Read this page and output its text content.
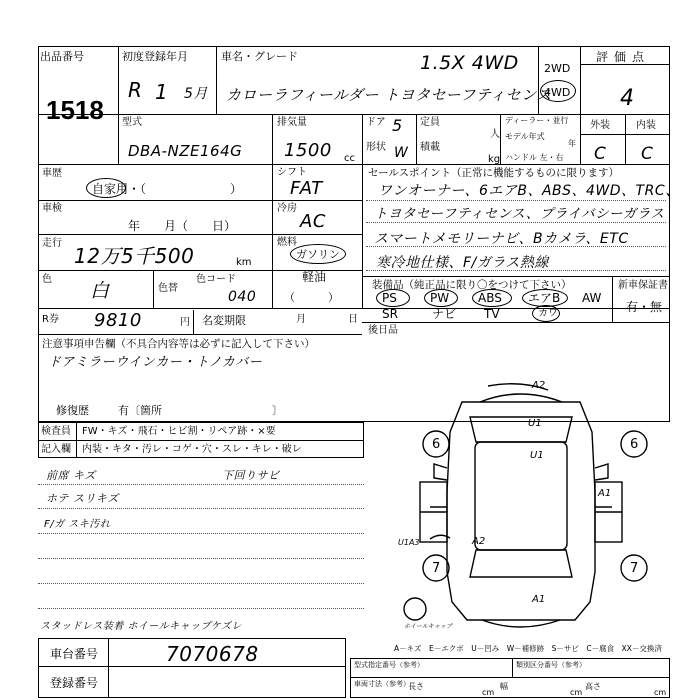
出品番号
1518
初度登録年月
R 1 5月
車名・グレード	1.5X 4WD
カローラフィールダー トヨタセーフティセンス
2WD
4WD
評価点
4
型式
DBA-NZE164G
排気量
1500 cc
ドア 5
形状 W
定員
人
積載
kg
ディーラー・並行
モデル年式
年
ハンドル 左・右
外装	内装
C C
車歴
自家用・（　　　　　　　）
車検
年　　月（　　日）
走行
12万5千500	km
色
白	色替
色コード
040
シフト
FAT
冷房
AC
燃料
ガソリン
軽油
（　　　）
R券 9810	円 名変期限	月	日
セールスポイント（正常に機能するものに限ります）
ワンオーナー、6エアB、ABS、4WD、TRC、
トヨタセーフティセンス、プライバシーガラス
スマートメモリーナビ、Bカメラ、ETC
寒冷地仕様、F/ガラス熱線
装備品（純正品に限り〇をつけて下さい）	新車保証書
有・無
PS	PW ABS エアB AW
SR	ナビ TV	カワ
後日品
注意事項申告欄（不具合内容等は必ずに記入して下さい）
ドアミラーウインカー・トノカバー
修復歴	有〔箇所　　　　　　　　　　〕
検査員 FW・キズ・飛石・ヒビ割・リペア跡・×要
記入欄 内装・キタ・汚レ・コゲ・穴・スレ・キレ・破レ
前席 キズ
ホテ スリキズ
F/ガ スキ汚れ
下回りサビ
スタッドレス装着 ホイールキャップケズレ
A2
U1
A1
A2
A1
U1
6	6
7	7
U1A3
ホイールキャップ
A－キズ　E－エクボ　U－凹み　W－補修跡　S－サビ　C－腐食　XX－交換済
車台番号	7070678
登録番号
型式指定番号（参考）	類別区分番号（参考）
車両寸法（参考）
長さ	幅	高さ
cm	cm	cm
